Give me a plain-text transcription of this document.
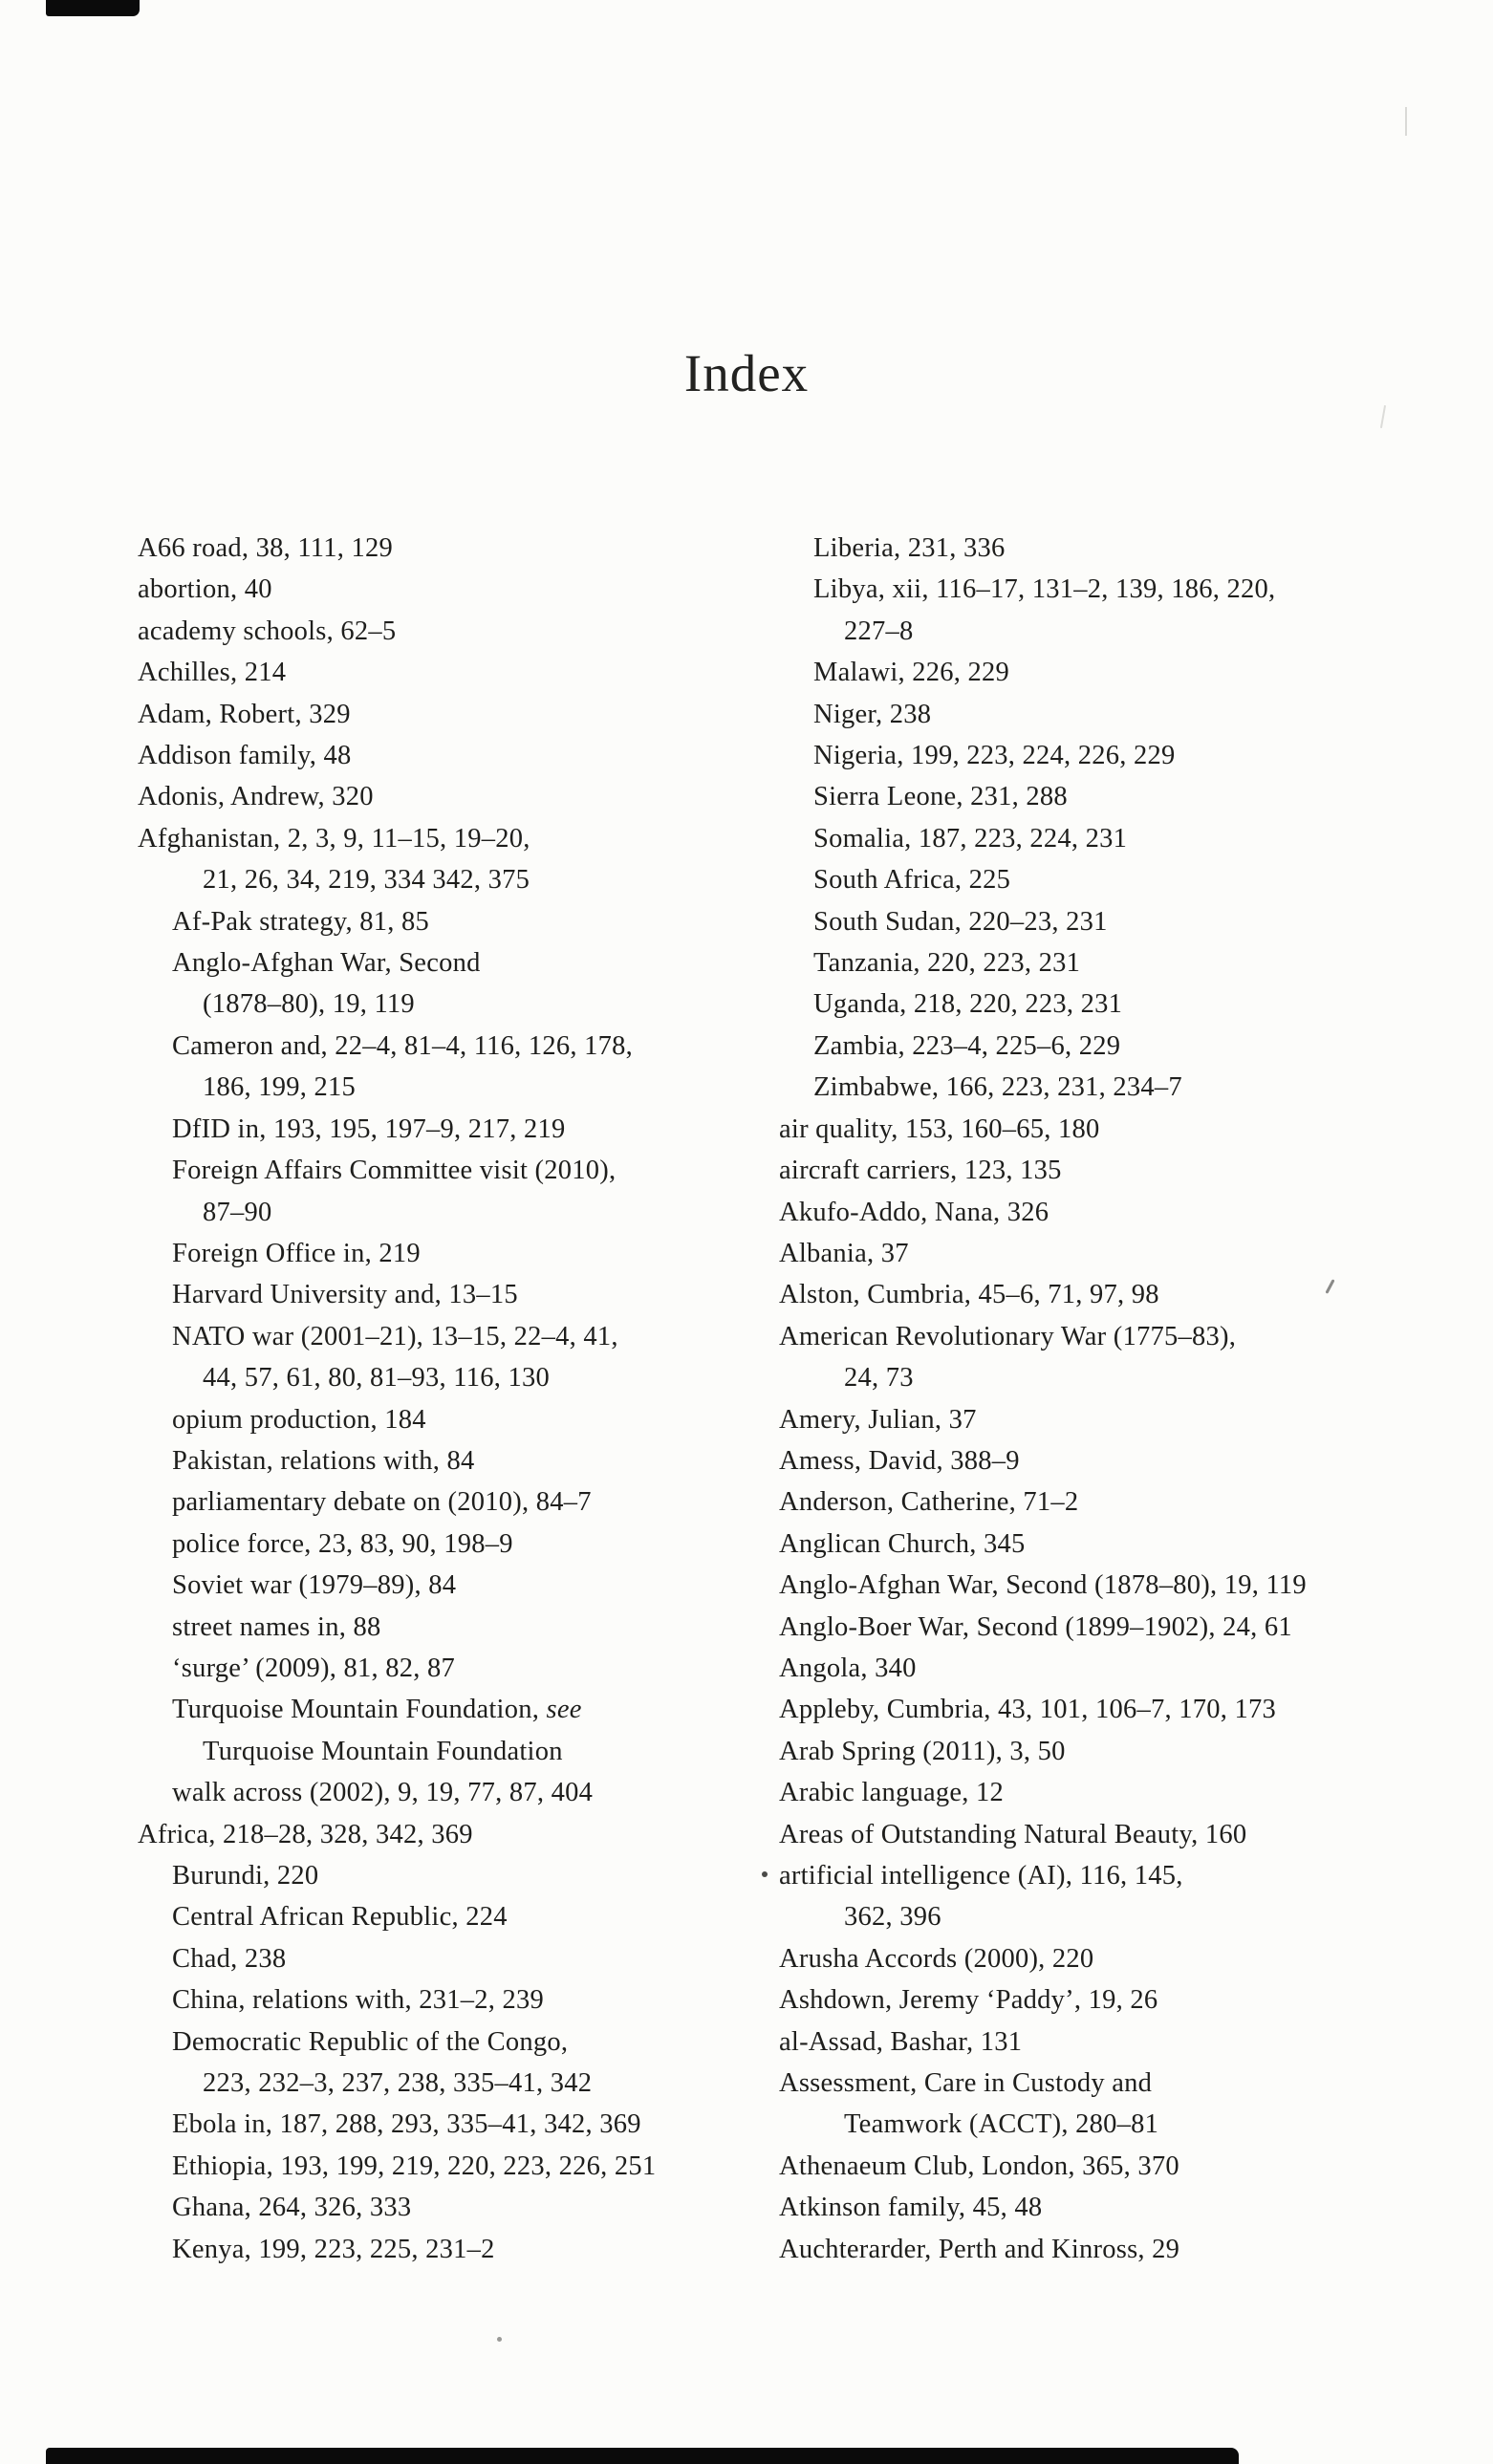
Index
A66 road, 38, 111, 129
abortion, 40
academy schools, 62–5
Achilles, 214
Adam, Robert, 329
Addison family, 48
Adonis, Andrew, 320
Afghanistan, 2, 3, 9, 11–15, 19–20,
21, 26, 34, 219, 334 342, 375
Af-Pak strategy, 81, 85
Anglo-Afghan War, Second
(1878–80), 19, 119
Cameron and, 22–4, 81–4, 116, 126, 178,
186, 199, 215
DfID in, 193, 195, 197–9, 217, 219
Foreign Affairs Committee visit (2010),
87–90
Foreign Office in, 219
Harvard University and, 13–15
NATO war (2001–21), 13–15, 22–4, 41,
44, 57, 61, 80, 81–93, 116, 130
opium production, 184
Pakistan, relations with, 84
parliamentary debate on (2010), 84–7
police force, 23, 83, 90, 198–9
Soviet war (1979–89), 84
street names in, 88
‘surge’ (2009), 81, 82, 87
Turquoise Mountain Foundation, see
Turquoise Mountain Foundation
walk across (2002), 9, 19, 77, 87, 404
Africa, 218–28, 328, 342, 369
Burundi, 220
Central African Republic, 224
Chad, 238
China, relations with, 231–2, 239
Democratic Republic of the Congo,
223, 232–3, 237, 238, 335–41, 342
Ebola in, 187, 288, 293, 335–41, 342, 369
Ethiopia, 193, 199, 219, 220, 223, 226, 251
Ghana, 264, 326, 333
Kenya, 199, 223, 225, 231–2
Liberia, 231, 336
Libya, xii, 116–17, 131–2, 139, 186, 220,
227–8
Malawi, 226, 229
Niger, 238
Nigeria, 199, 223, 224, 226, 229
Sierra Leone, 231, 288
Somalia, 187, 223, 224, 231
South Africa, 225
South Sudan, 220–23, 231
Tanzania, 220, 223, 231
Uganda, 218, 220, 223, 231
Zambia, 223–4, 225–6, 229
Zimbabwe, 166, 223, 231, 234–7
air quality, 153, 160–65, 180
aircraft carriers, 123, 135
Akufo-Addo, Nana, 326
Albania, 37
Alston, Cumbria, 45–6, 71, 97, 98
American Revolutionary War (1775–83),
24, 73
Amery, Julian, 37
Amess, David, 388–9
Anderson, Catherine, 71–2
Anglican Church, 345
Anglo-Afghan War, Second (1878–80), 19, 119
Anglo-Boer War, Second (1899–1902), 24, 61
Angola, 340
Appleby, Cumbria, 43, 101, 106–7, 170, 173
Arab Spring (2011), 3, 50
Arabic language, 12
Areas of Outstanding Natural Beauty, 160
artificial intelligence (AI), 116, 145,
362, 396
Arusha Accords (2000), 220
Ashdown, Jeremy ‘Paddy’, 19, 26
al-Assad, Bashar, 131
Assessment, Care in Custody and
Teamwork (ACCT), 280–81
Athenaeum Club, London, 365, 370
Atkinson family, 45, 48
Auchterarder, Perth and Kinross, 29
